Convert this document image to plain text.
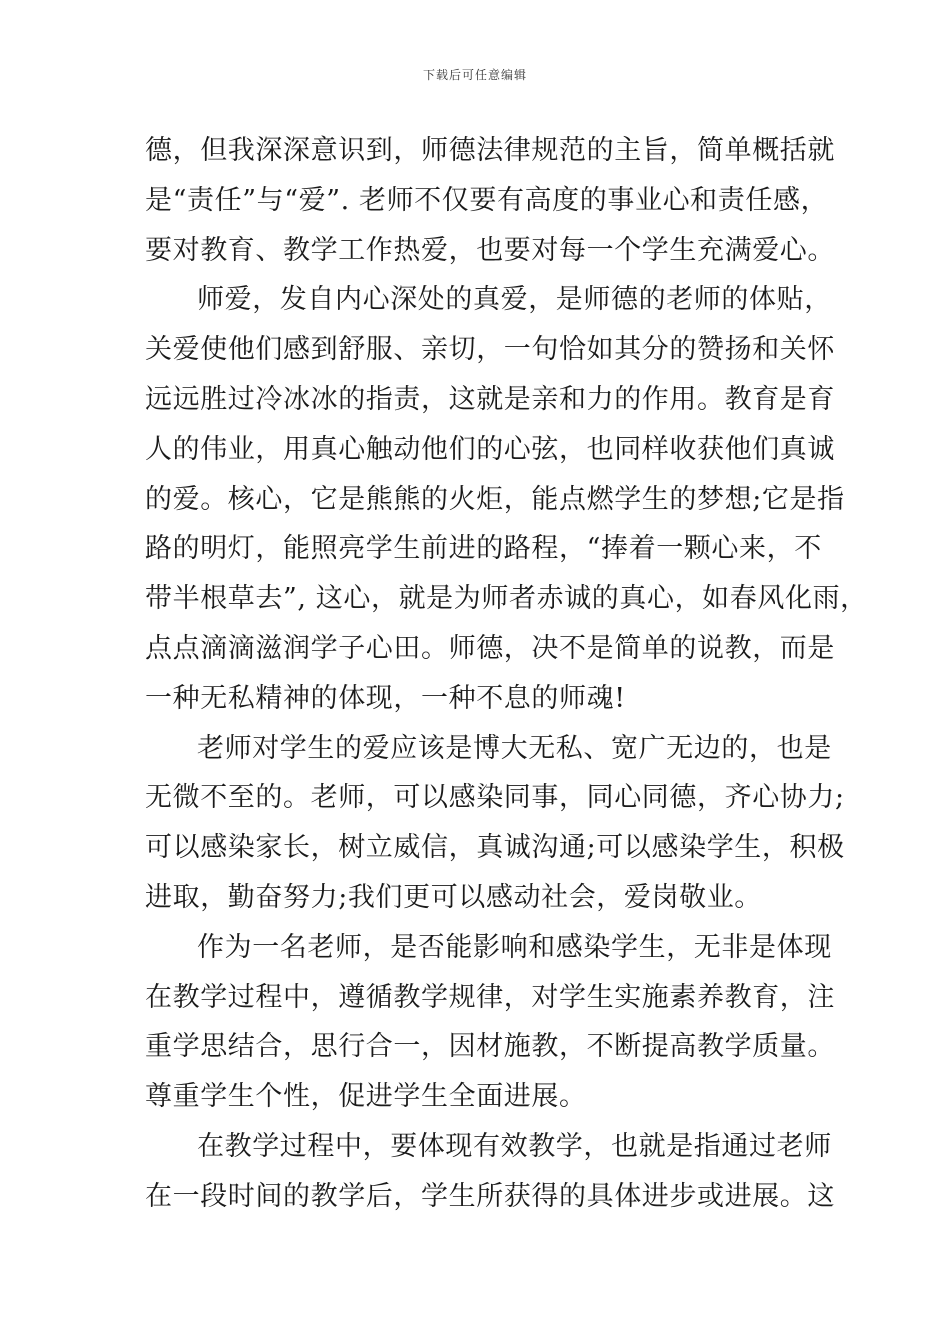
下载后可任意编辑
德，但我深深意识到，师德法律规范的主旨，简单概括就
是“责任”与“爱”. 老师不仅要有高度的事业心和责任感，
要对教育、教学工作热爱，也要对每一个学生充满爱心。
师爱，发自内心深处的真爱，是师德的老师的体贴，
关爱使他们感到舒服、亲切，一句恰如其分的赞扬和关怀
远远胜过冷冰冰的指责，这就是亲和力的作用。教育是育
人的伟业，用真心触动他们的心弦，也同样收获他们真诚
的爱。核心，它是熊熊的火炬，能点燃学生的梦想;它是指
路的明灯，能照亮学生前进的路程，“捧着一颗心来，不
带半根草去”, 这心，就是为师者赤诚的真心，如春风化雨，
点点滴滴滋润学子心田。师德，决不是简单的说教，而是
一种无私精神的体现，一种不息的师魂!
老师对学生的爱应该是博大无私、宽广无边的，也是
无微不至的。老师，可以感染同事，同心同德，齐心协力;
可以感染家长，树立威信，真诚沟通;可以感染学生，积极
进取，勤奋努力;我们更可以感动社会，爱岗敬业。
作为一名老师，是否能影响和感染学生，无非是体现
在教学过程中，遵循教学规律，对学生实施素养教育，注
重学思结合，思行合一，因材施教，不断提高教学质量。
尊重学生个性，促进学生全面进展。
在教学过程中，要体现有效教学，也就是指通过老师
在一段时间的教学后，学生所获得的具体进步或进展。这
